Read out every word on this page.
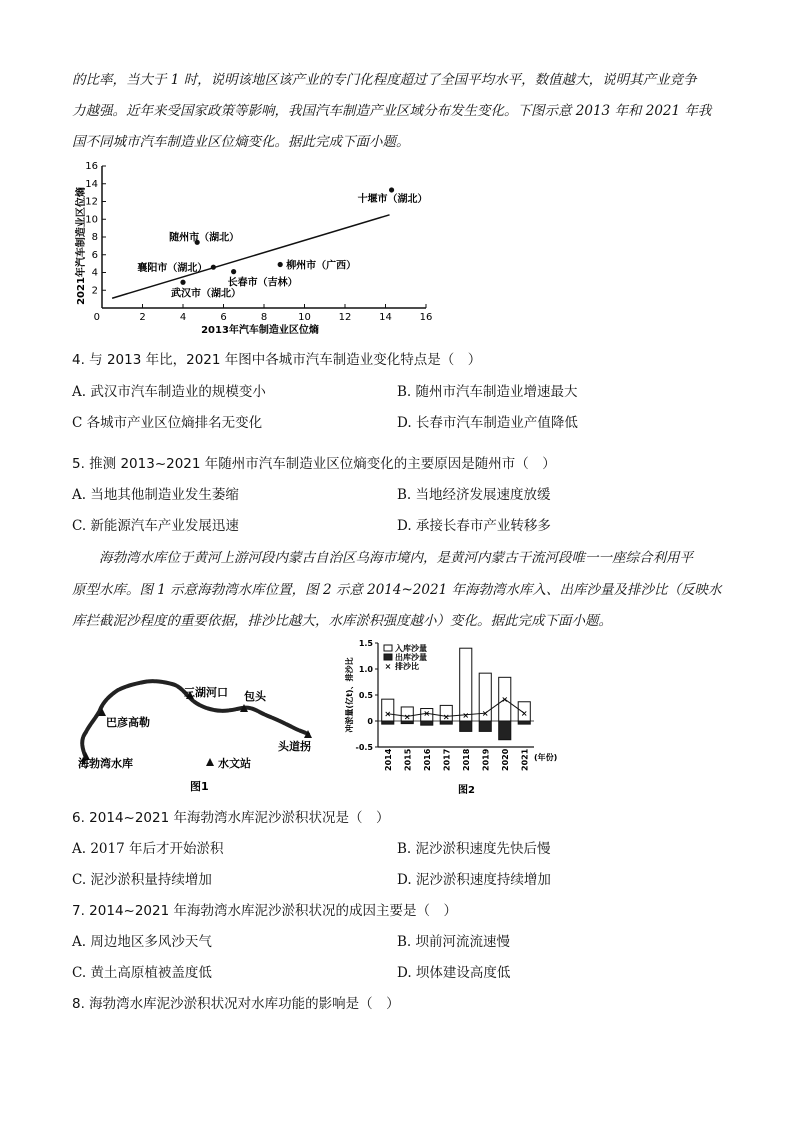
的比率，当大于 1 时，说明该地区该产业的专门化程度超过了全国平均水平，数值越大，说明其产业竞争
力越强。近年来受国家政策等影响，我国汽车制造产业区域分布发生变化。下图示意 2013 年和 2021 年我
国不同城市汽车制造业区位熵变化。据此完成下面小题。
2	4	6	8	10	12	14	16
2
4
6
8
10
12
14
16
十堰市（湖北）
随州市（湖北）
襄阳市（湖北）
长春市（吉林）
柳州市（广西）
武汉市（湖北）
2021年汽车制造业区位熵
2013年汽车制造业区位熵
0
4. 与 2013 年比，2021 年图中各城市汽车制造业变化特点是（　）
A. 武汉市汽车制造业的规模变小	B. 随州市汽车制造业增速最大
C 各城市产业区位熵排名无变化	D. 长春市汽车制造业产值降低
5. 推测 2013~2021 年随州市汽车制造业区位熵变化的主要原因是随州市（　）
A. 当地其他制造业发生萎缩	B. 当地经济发展速度放缓
C. 新能源汽车产业发展迅速	D. 承接长春市产业转移多
海勃湾水库位于黄河上游河段内蒙古自治区乌海市境内，是黄河内蒙古干流河段唯一一座综合利用平
原型水库。图 1 示意海勃湾水库位置，图 2 示意 2014~2021 年海勃湾水库入、出库沙量及排沙比（反映水
库拦截泥沙程度的重要依据，排沙比越大，水库淤积强度越小）变化。据此完成下面小题。
三湖河口 包头
巴彦高勒
头道拐
海勃湾水库	水文站
图1
× × × × × ×
×
×
1.5
1.0
0.5
0
-0.5
2014 2015 2016 2017 2018 2019 2020 2021
入库沙量
出库沙量
× 排沙比
冲淤量(亿t)、排沙比
(年份)
图2
6. 2014~2021 年海勃湾水库泥沙淤积状况是（　）
A. 2017 年后才开始淤积	B. 泥沙淤积速度先快后慢
C. 泥沙淤积量持续增加	D. 泥沙淤积速度持续增加
7. 2014~2021 年海勃湾水库泥沙淤积状况的成因主要是（　）
A. 周边地区多风沙天气	B. 坝前河流流速慢
C. 黄土高原植被盖度低	D. 坝体建设高度低
8. 海勃湾水库泥沙淤积状况对水库功能的影响是（　）
